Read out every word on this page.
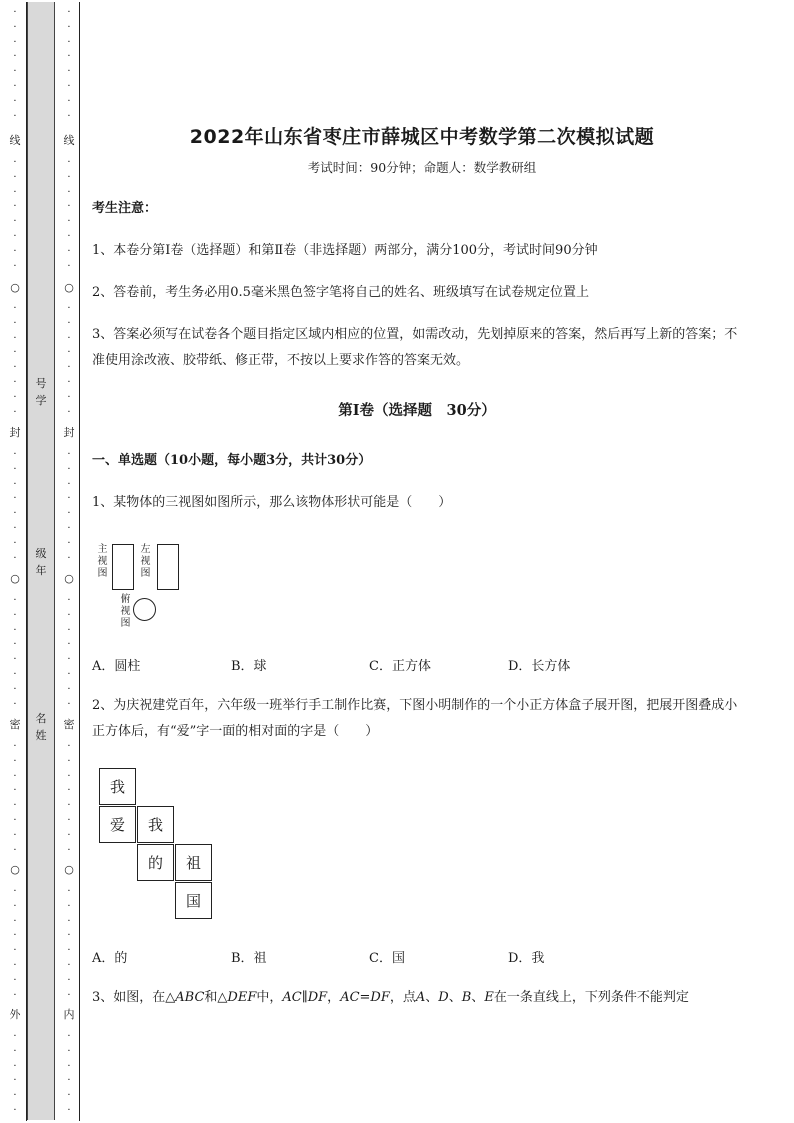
号
学
级
年
名
姓
·
·
·
·
·
·
·
·
线
·
·
·
·
·
·
·
·
○
·
·
·
·
·
·
·
·
封
·
·
·
·
·
·
·
·
○
·
·
·
·
·
·
·
·
密
·
·
·
·
·
·
·
·
○
·
·
·
·
·
·
·
·
外
·
·
·
·
·
·
·
·
·
·
·
·
·
·
线
·
·
·
·
·
·
·
·
○
·
·
·
·
·
·
·
·
封
·
·
·
·
·
·
·
·
○
·
·
·
·
·
·
·
·
密
·
·
·
·
·
·
·
·
○
·
·
·
·
·
·
·
·
内
·
·
·
·
·
·
2022年山东省枣庄市薛城区中考数学第二次模拟试题
考试时间：90分钟；命题人：数学教研组
考生注意：
1、本卷分第I卷（选择题）和第Ⅱ卷（非选择题）两部分，满分100分，考试时间90分钟
2、答卷前，考生务必用0.5毫米黑色签字笔将自己的姓名、班级填写在试卷规定位置上
3、答案必须写在试卷各个题目指定区域内相应的位置，如需改动，先划掉原来的答案，然后再写上新的答案；不准使用涂改液、胶带纸、修正带，不按以上要求作答的答案无效。
第I卷（选择题　30分）
一、单选题（10小题，每小题3分，共计30分）
1、某物体的三视图如图所示，那么该物体形状可能是（　　）
主视图
左视图
俯视图
A．圆柱	B．球	C．正方体	D．长方体
2、为庆祝建党百年，六年级一班举行手工制作比赛，下图小明制作的一个小正方体盒子展开图，把展开图叠成小正方体后，有“爱”字一面的相对面的字是（　　）
我
爱	我
的	祖
国
A．的	B．祖	C．国	D．我
3、如图，在△ABC和△DEF中，AC∥DF，AC=DF，点A、D、B、E在一条直线上，下列条件不能判定
